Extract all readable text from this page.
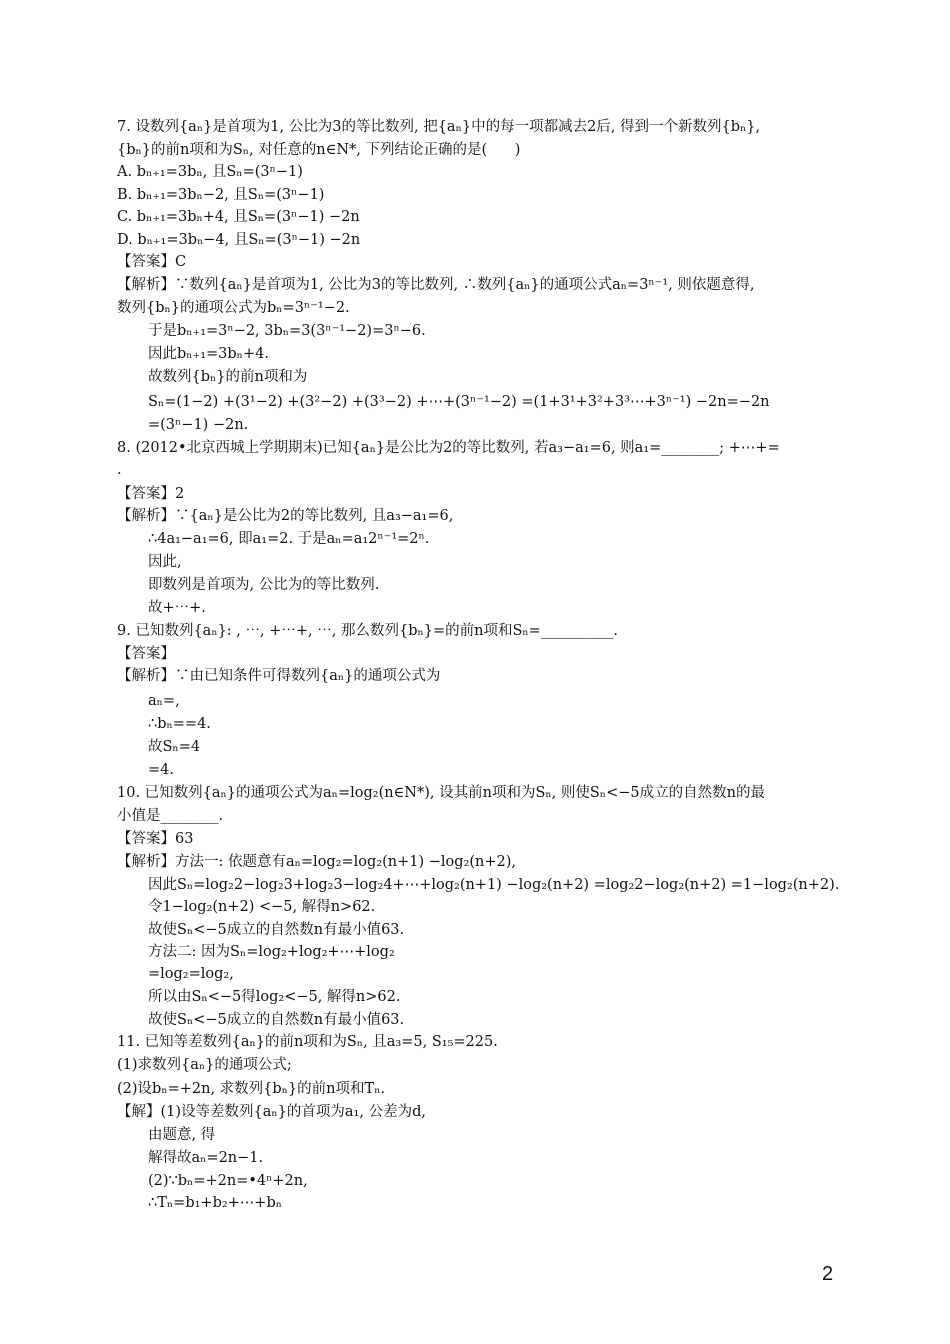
7. 设数列{aₙ}是首项为1, 公比为3的等比数列, 把{aₙ}中的每一项都减去2后, 得到一个新数列{bₙ},
{bₙ}的前n项和为Sₙ, 对任意的n∈N*, 下列结论正确的是(      )
A. bₙ₊₁=3bₙ, 且Sₙ=(3ⁿ−1)
B. bₙ₊₁=3bₙ−2, 且Sₙ=(3ⁿ−1)
C. bₙ₊₁=3bₙ+4, 且Sₙ=(3ⁿ−1) −2n
D. bₙ₊₁=3bₙ−4, 且Sₙ=(3ⁿ−1) −2n
【答案】C
【解析】∵数列{aₙ}是首项为1, 公比为3的等比数列, ∴数列{aₙ}的通项公式aₙ=3ⁿ⁻¹, 则依题意得,
数列{bₙ}的通项公式为bₙ=3ⁿ⁻¹−2.
于是bₙ₊₁=3ⁿ−2, 3bₙ=3(3ⁿ⁻¹−2)=3ⁿ−6.
因此bₙ₊₁=3bₙ+4.
故数列{bₙ}的前n项和为
Sₙ=(1−2) +(3¹−2) +(3²−2) +(3³−2) +⋯+(3ⁿ⁻¹−2) =(1+3¹+3²+3³⋯+3ⁿ⁻¹) −2n=−2n
=(3ⁿ−1) −2n.
8. (2012•北京西城上学期期末)已知{aₙ}是公比为2的等比数列, 若a₃−a₁=6, 则a₁=________; +⋯+=
.
【答案】2
【解析】∵{aₙ}是公比为2的等比数列, 且a₃−a₁=6,
∴4a₁−a₁=6, 即a₁=2. 于是aₙ=a₁2ⁿ⁻¹=2ⁿ.
因此,
即数列是首项为, 公比为的等比数列.
故+⋯+.
9. 已知数列{aₙ}: , ⋯, +⋯+, ⋯, 那么数列{bₙ}=的前n项和Sₙ=__________.
【答案】
【解析】∵由已知条件可得数列{aₙ}的通项公式为
aₙ=,
∴bₙ==4.
故Sₙ=4
=4.
10. 已知数列{aₙ}的通项公式为aₙ=log₂(n∈N*), 设其前n项和为Sₙ, 则使Sₙ<−5成立的自然数n的最
小值是________.
【答案】63
【解析】方法一: 依题意有aₙ=log₂=log₂(n+1) −log₂(n+2),
因此Sₙ=log₂2−log₂3+log₂3−log₂4+⋯+log₂(n+1) −log₂(n+2) =log₂2−log₂(n+2) =1−log₂(n+2).
令1−log₂(n+2) <−5, 解得n>62.
故使Sₙ<−5成立的自然数n有最小值63.
方法二: 因为Sₙ=log₂+log₂+⋯+log₂
=log₂=log₂,
所以由Sₙ<−5得log₂<−5, 解得n>62.
故使Sₙ<−5成立的自然数n有最小值63.
11. 已知等差数列{aₙ}的前n项和为Sₙ, 且a₃=5, S₁₅=225.
(1)求数列{aₙ}的通项公式;
(2)设bₙ=+2n, 求数列{bₙ}的前n项和Tₙ.
【解】(1)设等差数列{aₙ}的首项为a₁, 公差为d,
由题意, 得
解得故aₙ=2n−1.
(2)∵bₙ=+2n=•4ⁿ+2n,
∴Tₙ=b₁+b₂+⋯+bₙ
2
